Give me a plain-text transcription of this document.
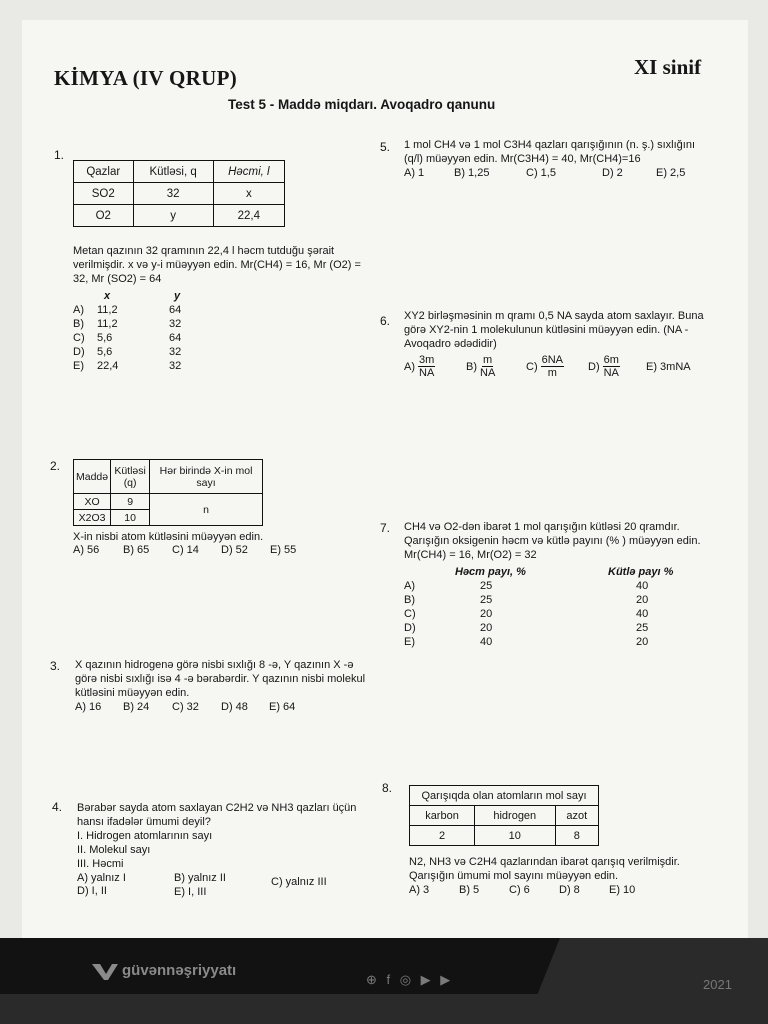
KİMYA (IV QRUP)	XI sinif
Test 5 - Maddə miqdarı. Avoqadro qanunu
1.
Qazlar	Kütləsi, q	Həcmi, l
SO2	32	x
O2	y	22,4
Metan qazının 32 qramının 22,4 l həcm tutduğu şərait verilmişdir. x və y-i müəyyən edin. Mr(CH4) = 16, Mr (O2) = 32, Mr (SO2) = 64
x	y
A)	11,2	64
B)	11,2	32
C)	5,6	64
D)	5,6	32
E)	22,4	32
2.
Maddə	Kütləsi (q)	Hər birində X-in mol sayı
XO	9	n
X2O3	10	
X-in nisbi atom kütləsini müəyyən edin.
A) 56	B) 65	C) 14	D) 52	E) 55
3. X qazının hidrogenə görə nisbi sıxlığı 8 -ə, Y qazının X -ə görə nisbi sıxlığı isə 4 -ə bərabərdir. Y qazının nisbi molekul kütləsini müəyyən edin.
A) 16	B) 24	C) 32	D) 48	E) 64
4. Bərabər sayda atom saxlayan C2H2 və NH3 qazları üçün hansı ifadələr ümumi deyil?
I. Hidrogen atomlarının sayı
II. Molekul sayı
III. Həcmi
A) yalnız I	B) yalnız II	C) yalnız III
D) I, II	E) I, III
5. 1 mol CH4 və 1 mol C3H4 qazları qarışığının (n. ş.) sıxlığını (q/l) müəyyən edin. Mr(C3H4) = 40, Mr(CH4)=16
A) 1	B) 1,25	C) 1,5	D) 2	E) 2,5
6. XY2 birləşməsinin m qramı 0,5 NA sayda atom saxlayır. Buna görə XY2-nin 1 molekulunun kütləsini müəyyən edin. (NA - Avoqadro ədədidir)
$A) \frac{3m}{NA}$	$B) \frac{m}{NA}$	$C) \frac{6NA}{m} D) \frac{6m}{NA} E$) 3mNA
7. CH4 və O2-dən ibarət 1 mol qarışığın kütləsi 20 qramdır. Qarışığın oksigenin həcm və kütlə payını (% ) müəyyən edin. Mr(CH4) = 16, Mr(O2) = 32
Həcm payı, %	Kütlə payı %
A)	25	40
B)	25	20
C)	20	40
D)	20	25
E)	40	20
8.
Qarışıqda olan atomların mol sayı		
karbon	hidrogen	azot
2	10	8
N2, NH3 və C2H4 qazlarından ibarət qarışıq verilmişdir. Qarışığın ümumi mol sayını müəyyən edin.
A) 3	B) 5	C) 6	D) 8	E) 10
güvənnəşriyyatı
⊕ f ◎ ▶ ▶	2021
